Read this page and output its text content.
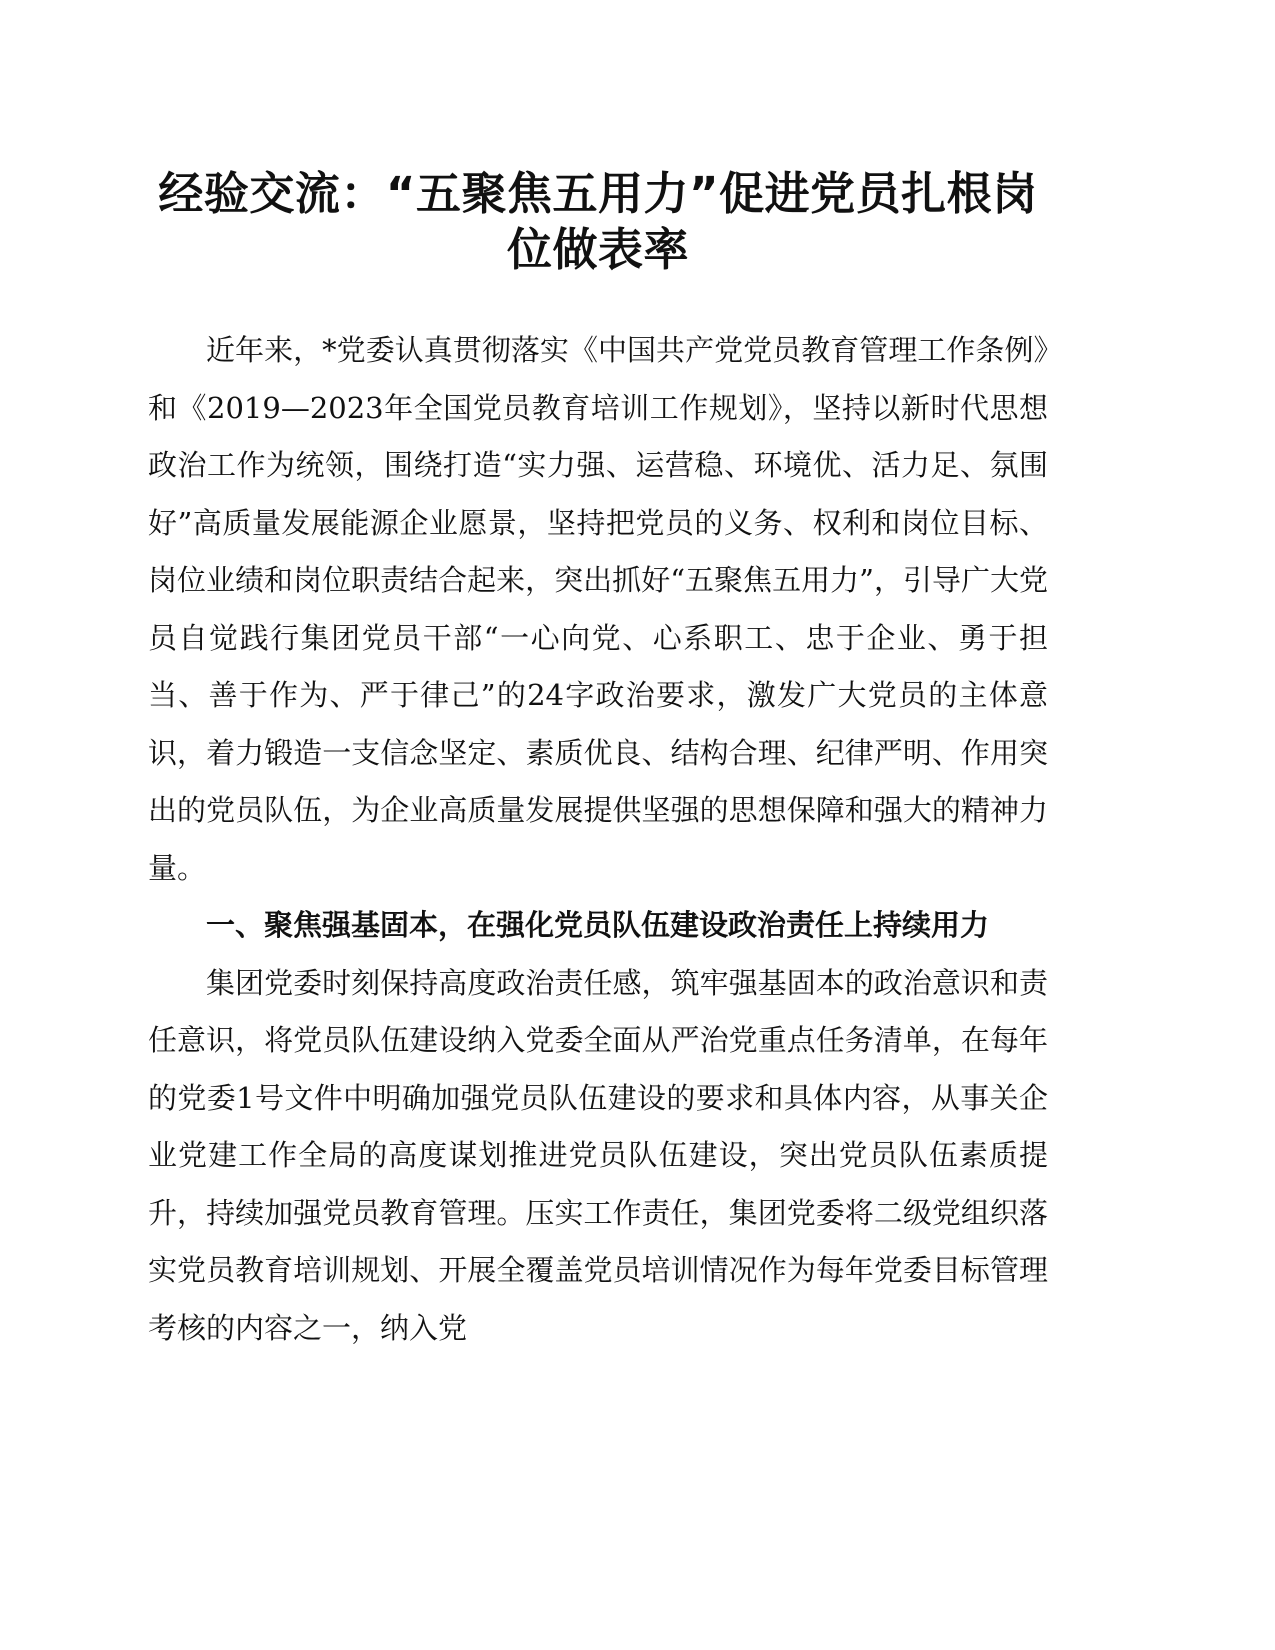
经验交流：“五聚焦五用力”促进党员扎根岗位做表率

近年来，*党委认真贯彻落实《中国共产党党员教育管理工作条例》和《2019—2023年全国党员教育培训工作规划》，坚持以新时代思想政治工作为统领，围绕打造“实力强、运营稳、环境优、活力足、氛围好”高质量发展能源企业愿景，坚持把党员的义务、权利和岗位目标、岗位业绩和岗位职责结合起来，突出抓好“五聚焦五用力”，引导广大党员自觉践行集团党员干部“一心向党、心系职工、忠于企业、勇于担当、善于作为、严于律己”的24字政治要求，激发广大党员的主体意识，着力锻造一支信念坚定、素质优良、结构合理、纪律严明、作用突出的党员队伍，为企业高质量发展提供坚强的思想保障和强大的精神力量。

一、聚焦强基固本，在强化党员队伍建设政治责任上持续用力

集团党委时刻保持高度政治责任感，筑牢强基固本的政治意识和责任意识，将党员队伍建设纳入党委全面从严治党重点任务清单，在每年的党委1号文件中明确加强党员队伍建设的要求和具体内容，从事关企业党建工作全局的高度谋划推进党员队伍建设，突出党员队伍素质提升，持续加强党员教育管理。压实工作责任，集团党委将二级党组织落实党员教育培训规划、开展全覆盖党员培训情况作为每年党委目标管理考核的内容之一，纳入党
